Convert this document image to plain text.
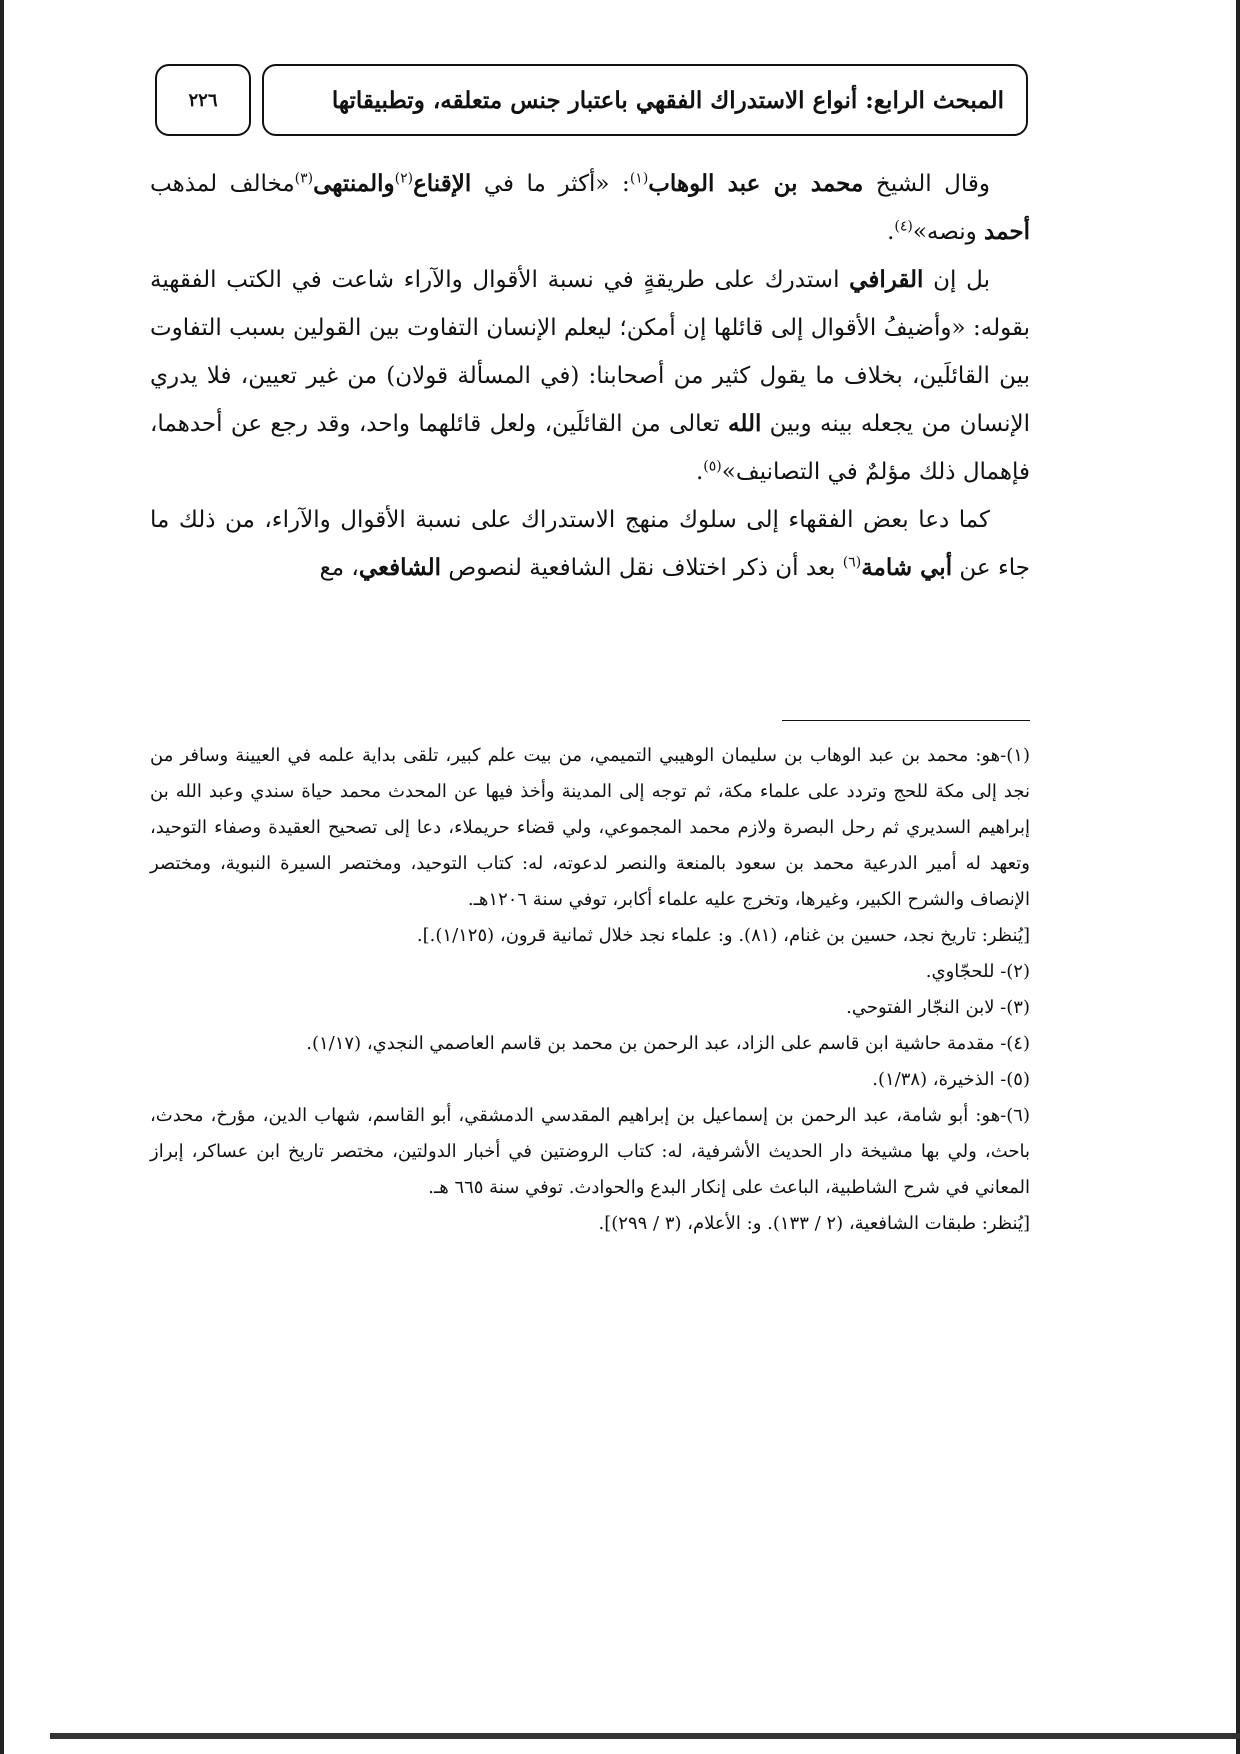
المبحث الرابع: أنواع الاستدراك الفقهي باعتبار جنس متعلقه، وتطبيقاتها
٢٢٦

وقال الشيخ محمد بن عبد الوهاب$^{(١)}$: «أكثر ما في الإقناع$^{(٢)}$والمنتهى$^{(٣)}$مخالف لمذهب أحمد ونصه»$^{(٤)}$.

بل إن القرافي استدرك على طريقةٍ في نسبة الأقوال والآراء شاعت في الكتب الفقهية بقوله: «وأضيفُ الأقوال إلى قائلها إن أمكن؛ ليعلم الإنسان التفاوت بين القولين بسبب التفاوت بين القائلَين، بخلاف ما يقول كثير من أصحابنا: (في المسألة قولان) من غير تعيين، فلا يدري الإنسان من يجعله بينه وبين الله تعالى من القائلَين، ولعل قائلهما واحد، وقد رجع عن أحدهما، فإهمال ذلك مؤلمٌ في التصانيف»$^{(٥)}$.

كما دعا بعض الفقهاء إلى سلوك منهج الاستدراك على نسبة الأقوال والآراء، من ذلك ما جاء عن أبي شامة$^{(٦)}$ بعد أن ذكر اختلاف نقل الشافعية لنصوص الشافعي، مع

(١)-هو: محمد بن عبد الوهاب بن سليمان الوهيبي التميمي، من بيت علم كبير، تلقى بداية علمه في العيينة وسافر من نجد إلى مكة للحج وتردد على علماء مكة، ثم توجه إلى المدينة وأخذ فيها عن المحدث محمد حياة سندي وعبد الله بن إبراهيم السديري ثم رحل البصرة ولازم محمد المجموعي، ولي قضاء حريملاء، دعا إلى تصحيح العقيدة وصفاء التوحيد، وتعهد له أمير الدرعية محمد بن سعود بالمنعة والنصر لدعوته، له: كتاب التوحيد، ومختصر السيرة النبوية، ومختصر الإنصاف والشرح الكبير، وغيرها، وتخرج عليه علماء أكابر، توفي سنة ١٢٠٦هـ.

[يُنظر: تاريخ نجد، حسين بن غنام، (٨١). و: علماء نجد خلال ثمانية قرون، (١/١٢٥).].

(٢)- للحجّاوي.

(٣)- لابن النجّار الفتوحي.

(٤)- مقدمة حاشية ابن قاسم على الزاد، عبد الرحمن بن محمد بن قاسم العاصمي النجدي، (١/١٧).

(٥)- الذخيرة، (١/٣٨).

(٦)-هو: أبو شامة، عبد الرحمن بن إسماعيل بن إبراهيم المقدسي الدمشقي، أبو القاسم، شهاب الدين، مؤرخ، محدث، باحث، ولي بها مشيخة دار الحديث الأشرفية، له: كتاب الروضتين في أخبار الدولتين، مختصر تاريخ ابن عساكر، إبراز المعاني في شرح الشاطبية، الباعث على إنكار البدع والحوادث. توفي سنة ٦٦٥ هـ.

[يُنظر: طبقات الشافعية، (٢ / ١٣٣). و: الأعلام، (٣ / ٢٩٩)].
